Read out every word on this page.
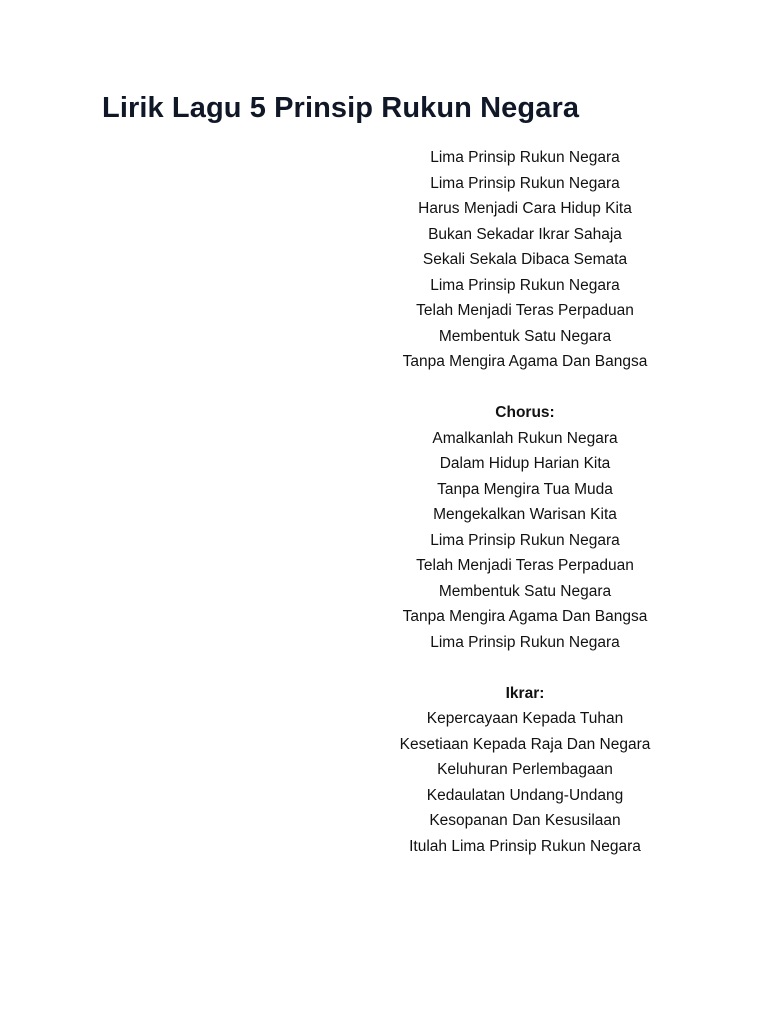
Lirik Lagu 5 Prinsip Rukun Negara
Lima Prinsip Rukun Negara
Lima Prinsip Rukun Negara
Harus Menjadi Cara Hidup Kita
Bukan Sekadar Ikrar Sahaja
Sekali Sekala Dibaca Semata
Lima Prinsip Rukun Negara
Telah Menjadi Teras Perpaduan
Membentuk Satu Negara
Tanpa Mengira Agama Dan Bangsa
Chorus:
Amalkanlah Rukun Negara
Dalam Hidup Harian Kita
Tanpa Mengira Tua Muda
Mengekalkan Warisan Kita
Lima Prinsip Rukun Negara
Telah Menjadi Teras Perpaduan
Membentuk Satu Negara
Tanpa Mengira Agama Dan Bangsa
Lima Prinsip Rukun Negara
Ikrar:
Kepercayaan Kepada Tuhan
Kesetiaan Kepada Raja Dan Negara
Keluhuran Perlembagaan
Kedaulatan Undang-Undang
Kesopanan Dan Kesusilaan
Itulah Lima Prinsip Rukun Negara
